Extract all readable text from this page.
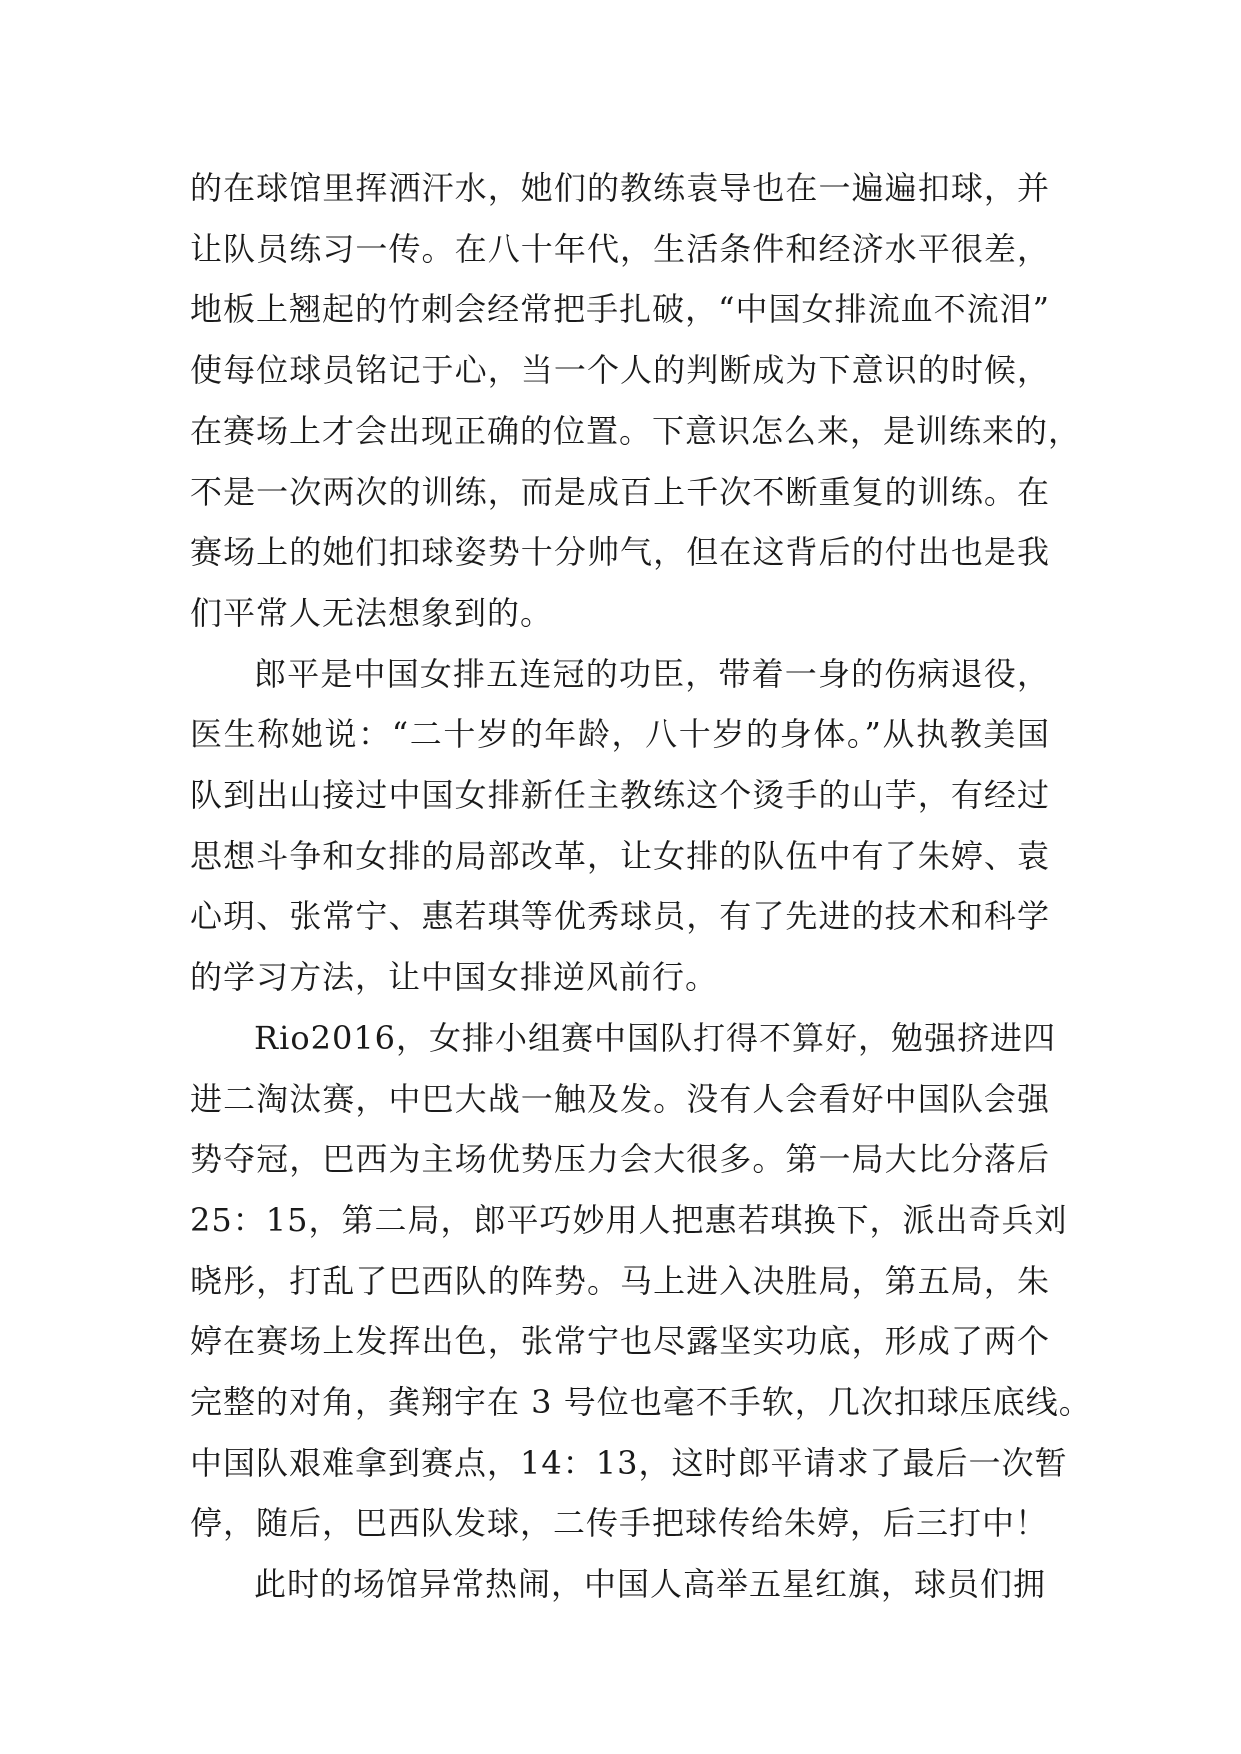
的在球馆里挥洒汗水，她们的教练袁导也在一遍遍扣球，并
让队员练习一传。在八十年代，生活条件和经济水平很差，
地板上翘起的竹刺会经常把手扎破，“中国女排流血不流泪”
使每位球员铭记于心，当一个人的判断成为下意识的时候，
在赛场上才会出现正确的位置。下意识怎么来，是训练来的，
不是一次两次的训练，而是成百上千次不断重复的训练。在
赛场上的她们扣球姿势十分帅气，但在这背后的付出也是我
们平常人无法想象到的。

郎平是中国女排五连冠的功臣，带着一身的伤病退役，
医生称她说：“二十岁的年龄，八十岁的身体。”从执教美国
队到出山接过中国女排新任主教练这个烫手的山芋，有经过
思想斗争和女排的局部改革，让女排的队伍中有了朱婷、袁
心玥、张常宁、惠若琪等优秀球员，有了先进的技术和科学
的学习方法，让中国女排逆风前行。

Rio2016，女排小组赛中国队打得不算好，勉强挤进四
进二淘汰赛，中巴大战一触及发。没有人会看好中国队会强
势夺冠，巴西为主场优势压力会大很多。第一局大比分落后
25：15，第二局，郎平巧妙用人把惠若琪换下，派出奇兵刘
晓彤，打乱了巴西队的阵势。马上进入决胜局，第五局，朱
婷在赛场上发挥出色，张常宁也尽露坚实功底，形成了两个
完整的对角，龚翔宇在 3 号位也毫不手软，几次扣球压底线。
中国队艰难拿到赛点，14：13，这时郎平请求了最后一次暂
停，随后，巴西队发球，二传手把球传给朱婷，后三打中！

此时的场馆异常热闹，中国人高举五星红旗，球员们拥
